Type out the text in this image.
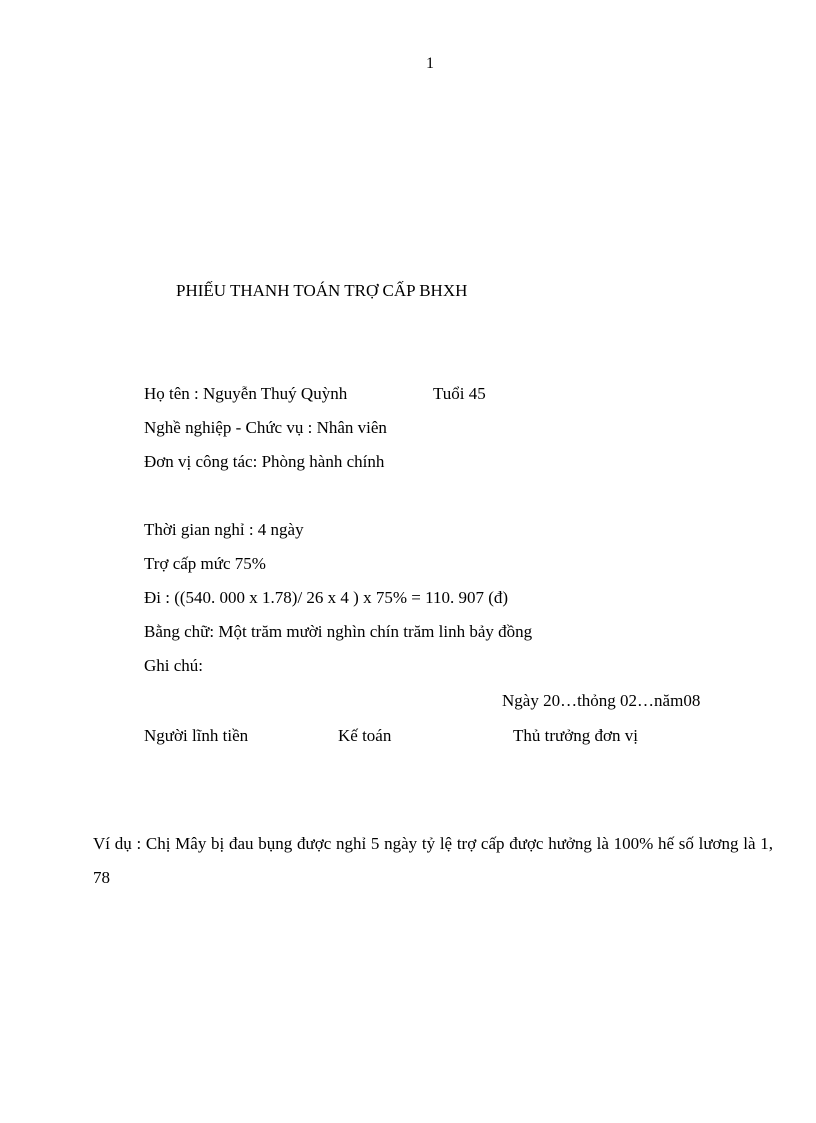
1
PHIẾU THANH TOÁN TRỢ CẤP BHXH
Họ tên : Nguyễn Thuý Quỳnh	Tuổi 45
Nghề nghiệp - Chức vụ : Nhân viên
Đơn vị công tác: Phòng hành chính
Thời gian nghỉ : 4 ngày
Trợ cấp mức 75%
Đi : ((540. 000 x 1.78)/ 26 x 4 ) x 75% = 110. 907 (đ)
Bằng chữ: Một trăm mười nghìn chín trăm linh bảy đồng
Ghi chú:
Ngày 20…thỏng 02…năm08
Người lĩnh tiền	Kế toán	Thủ trưởng đơn vị

Ví dụ : Chị Mây bị đau bụng được nghỉ 5 ngày tỷ lệ trợ cấp được hưởng là 100% hế số lương là 1, 78
